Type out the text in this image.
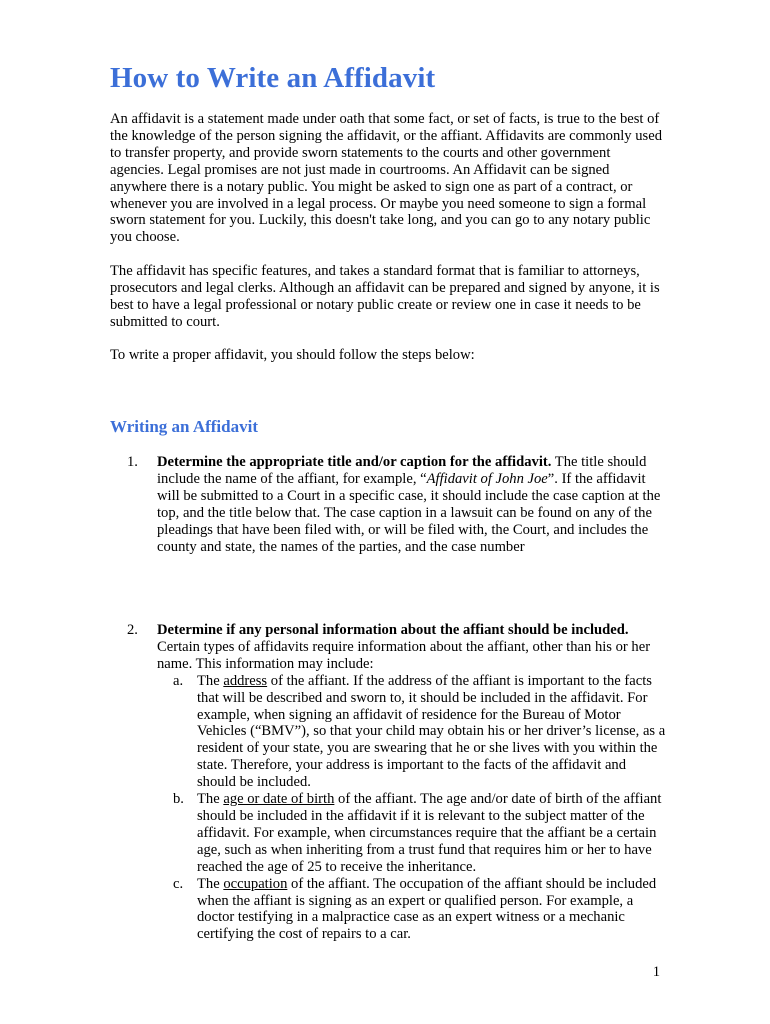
How to Write an Affidavit

An affidavit is a statement made under oath that some fact, or set of facts, is true to the best of the knowledge of the person signing the affidavit, or the affiant. Affidavits are commonly used to transfer property, and provide sworn statements to the courts and other government agencies. Legal promises are not just made in courtrooms. An Affidavit can be signed anywhere there is a notary public. You might be asked to sign one as part of a contract, or whenever you are involved in a legal process. Or maybe you need someone to sign a formal sworn statement for you. Luckily, this doesn't take long, and you can go to any notary public you choose.

The affidavit has specific features, and takes a standard format that is familiar to attorneys, prosecutors and legal clerks. Although an affidavit can be prepared and signed by anyone, it is best to have a legal professional or notary public create or review one in case it needs to be submitted to court.

To write a proper affidavit, you should follow the steps below:

Writing an Affidavit
1. Determine the appropriate title and/or caption for the affidavit. The title should include the name of the affiant, for example, “Affidavit of John Joe”. If the affidavit will be submitted to a Court in a specific case, it should include the case caption at the top, and the title below that. The case caption in a lawsuit can be found on any of the pleadings that have been filed with, or will be filed with, the Court, and includes the county and state, the names of the parties, and the case number
2. Determine if any personal information about the affiant should be included. Certain types of affidavits require information about the affiant, other than his or her name. This information may include:
a. The address of the affiant. If the address of the affiant is important to the facts that will be described and sworn to, it should be included in the affidavit. For example, when signing an affidavit of residence for the Bureau of Motor Vehicles (“BMV”), so that your child may obtain his or her driver’s license, as a resident of your state, you are swearing that he or she lives with you within the state. Therefore, your address is important to the facts of the affidavit and should be included.
b. The age or date of birth of the affiant. The age and/or date of birth of the affiant should be included in the affidavit if it is relevant to the subject matter of the affidavit. For example, when circumstances require that the affiant be a certain age, such as when inheriting from a trust fund that requires him or her to have reached the age of 25 to receive the inheritance.
c. The occupation of the affiant. The occupation of the affiant should be included when the affiant is signing as an expert or qualified person. For example, a doctor testifying in a malpractice case as an expert witness or a mechanic certifying the cost of repairs to a car.
1
